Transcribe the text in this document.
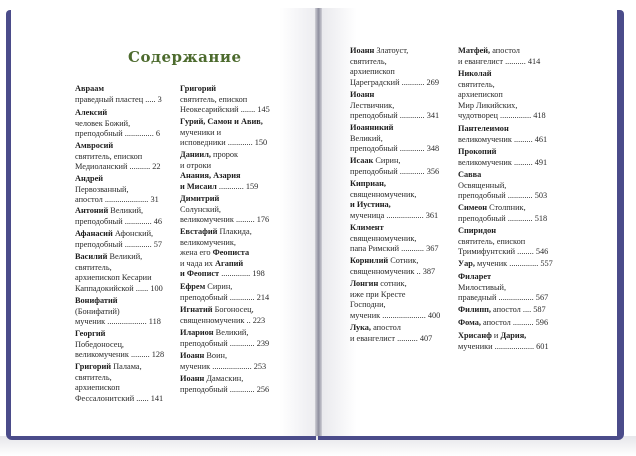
Содержание
Авраам
праведный пластец ..... 3
Алексий
человек Божий,
преподобный .............. 6
Амвросий
святитель, епископ
Медиоланский .......... 22
Андрей
Первозванный,
апостол ..................... 31
Антоний Великий,
преподобный ............. 46
Афанасий Афонский,
преподобный ............. 57
Василий Великий,
святитель,
архиепископ Кесарии
Каппадокийской ...... 100
Вонифатий
(Бонифатий)
мученик ................... 118
Георгий
Победоносец,
великомученик ......... 128
Григорий Палама,
святитель,
архиепископ
Фессалонитский ...... 141
Григорий
святитель, епископ
Неокесарийский ....... 145
Гурий, Самон и Авив,
мученики и
исповедники ............ 150
Даниил, пророк
и отроки
Анания, Азария
и Мисаил ............ 159
Димитрий
Солунский,
великомученик ......... 176
Евстафий Плакида,
великомученик,
жена его Феописта
и чада их Агапий
и Феопист .............. 198
Ефрем Сирин,
преподобный ............ 214
Игнатий Богоносец,
священномученик .. 223
Иларион Великий,
преподобный ............ 239
Иоанн Воин,
мученик ................... 253
Иоанн Дамаскин,
преподобный ............ 256
Иоанн Златоуст,
святитель,
архиепископ
Цареградский ........... 269
Иоанн
Лествичник,
преподобный ............ 341
Иоанникий
Великий,
преподобный ............ 348
Исаак Сирин,
преподобный ............ 356
Киприан,
священномученик,
и Иустина,
мученица .................. 361
Климент
священномученик,
папа Римский ........... 367
Корнилий Сотник,
священномученик .. 387
Лонгин сотник,
иже при Кресте
Господни,
мученик ..................... 400
Лука, апостол
и евангелист .......... 407
Матфей, апостол
и евангелист .......... 414
Николай
святитель,
архиепископ
Мир Ликийских,
чудотворец ............... 418
Пантелеимон
великомученик ......... 461
Прокопий
великомученик ......... 491
Савва
Освященный,
преподобный ............ 503
Симеон Столпник,
преподобный ............ 518
Спиридон
святитель, епископ
Тримифунтский ........ 546
Уар, мученик .............. 557
Филарет
Милостивый,
праведный ................. 567
Филипп, апостол .... 587
Фома, апостол .......... 596
Хрисанф и Дария,
мученики ................... 601
